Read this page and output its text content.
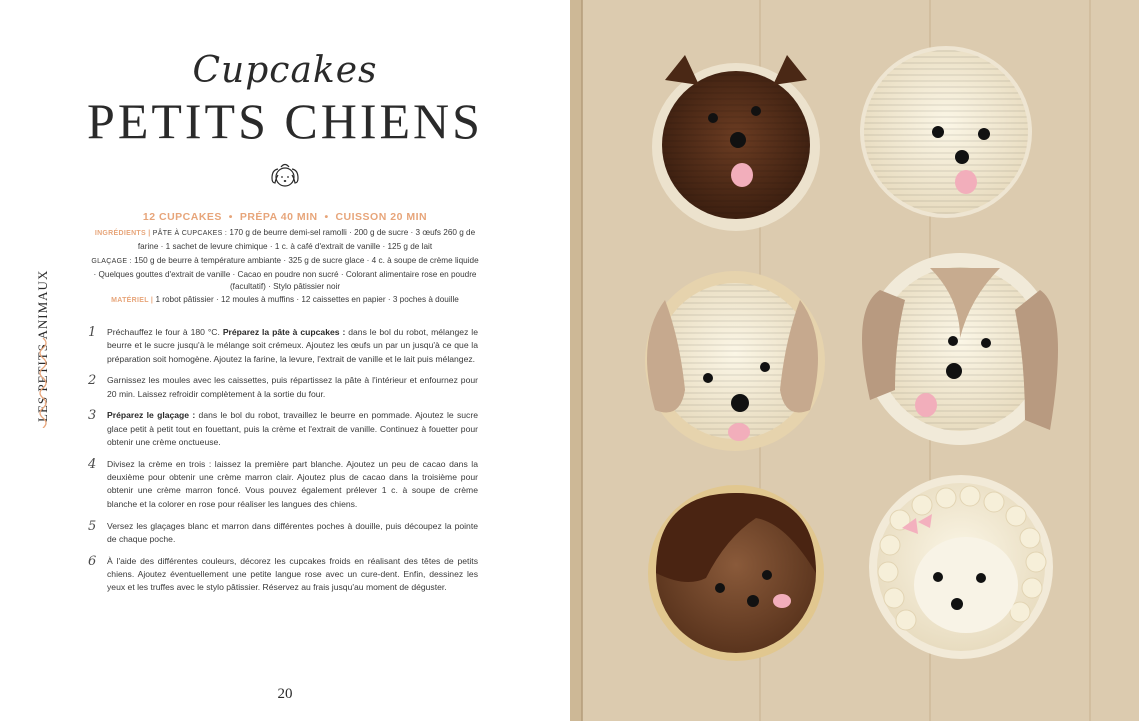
LES PETITS ANIMAUX
Cupcakes
PETITS CHIENS
12 CUPCAKES • PRÉPA 40 MIN • CUISSON 20 MIN
INGRÉDIENTS | PÂTE À CUPCAKES : 170 g de beurre demi-sel ramolli · 200 g de sucre · 3 œufs 260 g de farine · 1 sachet de levure chimique · 1 c. à café d'extrait de vanille · 125 g de lait
GLAÇAGE : 150 g de beurre à température ambiante · 325 g de sucre glace · 4 c. à soupe de crème liquide · Quelques gouttes d'extrait de vanille · Cacao en poudre non sucré · Colorant alimentaire rose en poudre (facultatif) · Stylo pâtissier noir
MATÉRIEL | 1 robot pâtissier · 12 moules à muffins · 12 caissettes en papier · 3 poches à douille
1 Préchauffez le four à 180 °C. Préparez la pâte à cupcakes : dans le bol du robot, mélangez le beurre et le sucre jusqu'à le mélange soit crémeux. Ajoutez les œufs un par un jusqu'à ce que la préparation soit homogène. Ajoutez la farine, la levure, l'extrait de vanille et le lait puis mélangez.
2 Garnissez les moules avec les caissettes, puis répartissez la pâte à l'intérieur et enfournez pour 20 min. Laissez refroidir complètement à la sortie du four.
3 Préparez le glaçage : dans le bol du robot, travaillez le beurre en pommade. Ajoutez le sucre glace petit à petit tout en fouettant, puis la crème et l'extrait de vanille. Continuez à fouetter pour obtenir une crème onctueuse.
4 Divisez la crème en trois : laissez la première part blanche. Ajoutez un peu de cacao dans la deuxième pour obtenir une crème marron clair. Ajoutez plus de cacao dans la troisième pour obtenir une crème marron foncé. Vous pouvez également prélever 1 c. à soupe de crème blanche et la colorer en rose pour réaliser les langues des chiens.
5 Versez les glaçages blanc et marron dans différentes poches à douille, puis découpez la pointe de chaque poche.
6 À l'aide des différentes couleurs, décorez les cupcakes froids en réalisant des têtes de petits chiens. Ajoutez éventuellement une petite langue rose avec un cure-dent. Enfin, dessinez les yeux et les truffes avec le stylo pâtissier. Réservez au frais jusqu'au moment de déguster.
20
